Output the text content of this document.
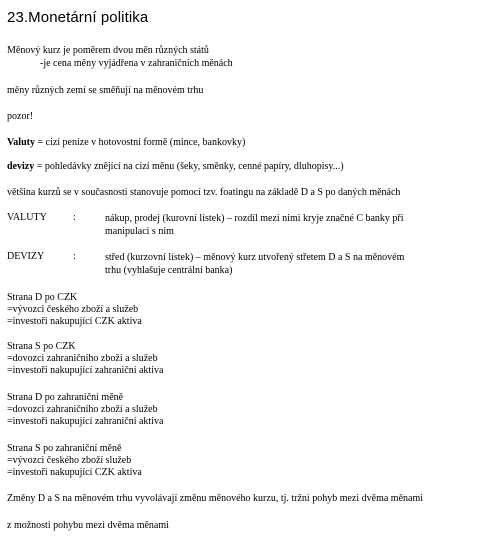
23.Monetární politika
Měnový kurz je poměrem dvou měn různých států
-je cena měny vyjádřena v zahraničních měnách
měny různých zemí se směňují na měnovém trhu
pozor!
Valuty = cizí peníze v hotovostní formě (mince, bankovky)
devizy = pohledávky znějící na cizí měnu (šeky, směnky, cenné papíry, dluhopisy...)
většina kurzů se v současnosti stanovuje pomocí tzv. foatingu na základě D a S po daných měnách
VALUTY	:	nákup, prodej (kurovní lístek) – rozdíl mezi nimi kryje značné C banky při
manipulaci s nim
DEVIZY	:	střed (kurzovní lístek) – měnový kurz utvořený střetem D a S na měnovém
trhu (vyhlašuje centrální banka)
Strana D po CZK
=vývozci českého zboží a služeb
=investoři nakupující CZK aktiva
Strana S po CZK
=dovozci zahraničního zboží a služeb
=investoři nakupující zahraniční aktiva
Strana D po zahraniční měně
=dovozci zahraničního zboží a služeb
=investoři nakupující zahraniční aktiva
Strana S po zahraniční měně
=vývozci českého zboží služeb
=investoři nakupující CZK aktiva
Změny D a S na měnovém trhu vyvolávají změnu měnového kurzu, tj. tržní pohyb mezi dvěma měnami
z možnosti pohybu mezi dvěma měnami
